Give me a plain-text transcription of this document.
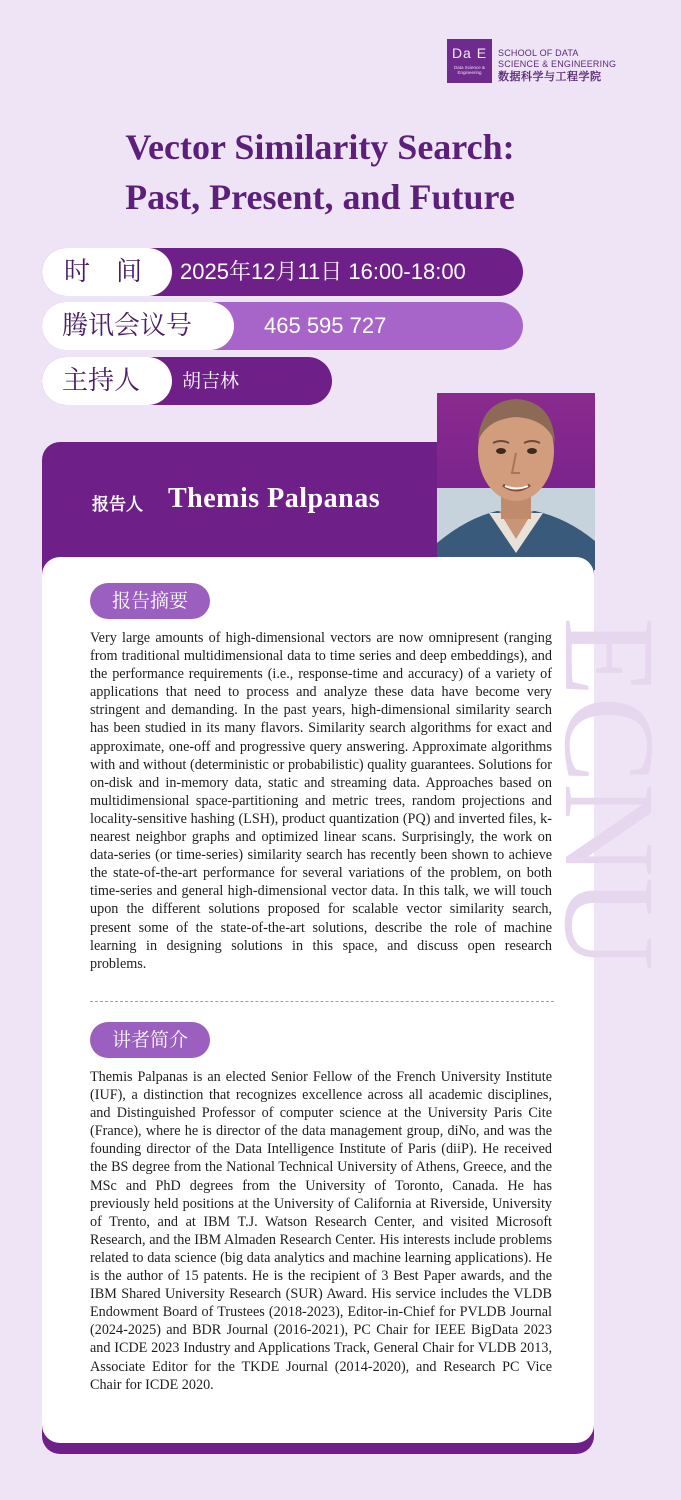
Da E
Data Science & Engineering
SCHOOL OF DATA
SCIENCE & ENGINEERING
数据科学与工程学院
Vector Similarity Search:
Past, Present, and Future
时　间	2025年12月11日 16:00-18:00
腾讯会议号	465 595 727
主持人	胡吉林
报告人 Themis Palpanas
ECNU
报告摘要
Very large amounts of high-dimensional vectors are now omnipresent (ranging from traditional multidimensional data to time series and deep embeddings), and the performance requirements (i.e., response-time and accuracy) of a variety of applications that need to process and analyze these data have become very stringent and demanding. In the past years, high-dimensional similarity search has been studied in its many flavors. Similarity search algorithms for exact and approximate, one-off and progressive query answering. Approximate algorithms with and without (deterministic or probabilistic) quality guarantees. Solutions for on-disk and in-memory data, static and streaming data. Approaches based on multidimensional space-partitioning and metric trees, random projections and locality-sensitive hashing (LSH), product quantization (PQ) and inverted files, k-nearest neighbor graphs and optimized linear scans. Surprisingly, the work on data-series (or time-series) similarity search has recently been shown to achieve the state-of-the-art performance for several variations of the problem, on both time-series and general high-dimensional vector data. In this talk, we will touch upon the different solutions proposed for scalable vector similarity search, present some of the state-of-the-art solutions, describe the role of machine learning in designing solutions in this space, and discuss open research problems.
讲者简介
Themis Palpanas is an elected Senior Fellow of the French University Institute (IUF), a distinction that recognizes excellence across all academic disciplines, and Distinguished Professor of computer science at the University Paris Cite (France), where he is director of the data management group, diNo, and was the founding director of the Data Intelligence Institute of Paris (diiP). He received the BS degree from the National Technical University of Athens, Greece, and the MSc and PhD degrees from the University of Toronto, Canada. He has previously held positions at the University of California at Riverside, University of Trento, and at IBM T.J. Watson Research Center, and visited Microsoft Research, and the IBM Almaden Research Center. His interests include problems related to data science (big data analytics and machine learning applications). He is the author of 15 patents. He is the recipient of 3 Best Paper awards, and the IBM Shared University Research (SUR) Award. His service includes the VLDB Endowment Board of Trustees (2018-2023), Editor-in-Chief for PVLDB Journal (2024-2025) and BDR Journal (2016-2021), PC Chair for IEEE BigData 2023 and ICDE 2023 Industry and Applications Track, General Chair for VLDB 2013, Associate Editor for the TKDE Journal (2014-2020), and Research PC Vice Chair for ICDE 2020.
